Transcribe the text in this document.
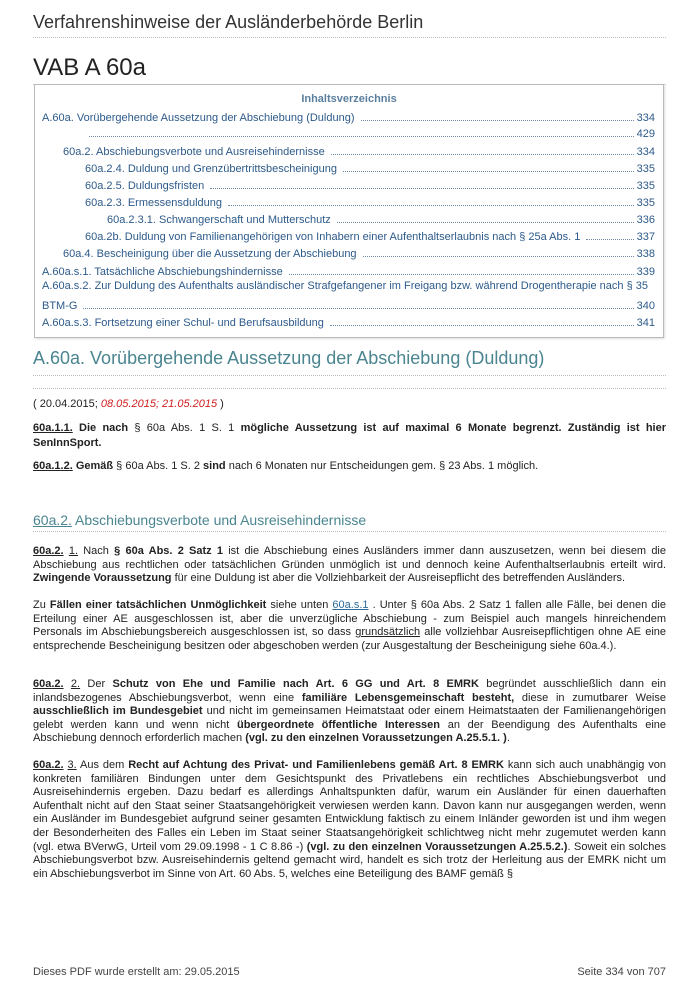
Verfahrenshinweise der Ausländerbehörde Berlin
VAB A 60a
Inhaltsverzeichnis
A.60a. Vorübergehende Aussetzung der Abschiebung (Duldung)	334
429
60a.2. Abschiebungsverbote und Ausreisehindernisse	334
60a.2.4. Duldung und Grenzübertrittsbescheinigung	335
60a.2.5. Duldungsfristen	335
60a.2.3. Ermessensduldung	335
60a.2.3.1. Schwangerschaft und Mutterschutz	336
60a.2b. Duldung von Familienangehörigen von Inhabern einer Aufenthaltserlaubnis nach § 25a Abs. 1	337
60a.4. Bescheinigung über die Aussetzung der Abschiebung	338
A.60a.s.1. Tatsächliche Abschiebungshindernisse	339
A.60a.s.2. Zur Duldung des Aufenthalts ausländischer Strafgefangener im Freigang bzw. während Drogentherapie nach § 35
BTM-G	340
A.60a.s.3. Fortsetzung einer Schul- und Berufsausbildung	341
A.60a. Vorübergehende Aussetzung der Abschiebung (Duldung)
( 20.04.2015; 08.05.2015; 21.05.2015 )
60a.1.1. Die nach § 60a Abs. 1 S. 1 mögliche Aussetzung ist auf maximal 6 Monate begrenzt. Zuständig ist hier SenInnSport.
60a.1.2. Gemäß § 60a Abs. 1 S. 2 sind nach 6 Monaten nur Entscheidungen gem. § 23 Abs. 1 möglich.
60a.2. Abschiebungsverbote und Ausreisehindernisse
60a.2. 1. Nach § 60a Abs. 2 Satz 1 ist die Abschiebung eines Ausländers immer dann auszusetzen, wenn bei diesem die Abschiebung aus rechtlichen oder tatsächlichen Gründen unmöglich ist und dennoch keine Aufenthaltserlaubnis erteilt wird. Zwingende Voraussetzung für eine Duldung ist aber die Vollziehbarkeit der Ausreisepflicht des betreffenden Ausländers.
Zu Fällen einer tatsächlichen Unmöglichkeit siehe unten 60a.s.1 . Unter § 60a Abs. 2 Satz 1 fallen alle Fälle, bei denen die Erteilung einer AE ausgeschlossen ist, aber die unverzügliche Abschiebung - zum Beispiel auch mangels hinreichendem Personals im Abschiebungsbereich ausgeschlossen ist, so dass grundsätzlich alle vollziehbar Ausreisepflichtigen ohne AE eine entsprechende Bescheinigung besitzen oder abgeschoben werden (zur Ausgestaltung der Bescheinigung siehe 60a.4.).
60a.2. 2. Der Schutz von Ehe und Familie nach Art. 6 GG und Art. 8 EMRK begründet ausschließlich dann ein inlandsbezogenes Abschiebungsverbot, wenn eine familiäre Lebensgemeinschaft besteht, diese in zumutbarer Weise ausschließlich im Bundesgebiet und nicht im gemeinsamen Heimatstaat oder einem Heimatstaaten der Familienangehörigen gelebt werden kann und wenn nicht übergeordnete öffentliche Interessen an der Beendigung des Aufenthalts eine Abschiebung dennoch erforderlich machen (vgl. zu den einzelnen Voraussetzungen A.25.5.1. ).
60a.2. 3. Aus dem Recht auf Achtung des Privat- und Familienlebens gemäß Art. 8 EMRK kann sich auch unabhängig von konkreten familiären Bindungen unter dem Gesichtspunkt des Privatlebens ein rechtliches Abschiebungsverbot und Ausreisehindernis ergeben. Dazu bedarf es allerdings Anhaltspunkten dafür, warum ein Ausländer für einen dauerhaften Aufenthalt nicht auf den Staat seiner Staatsangehörigkeit verwiesen werden kann. Davon kann nur ausgegangen werden, wenn ein Ausländer im Bundesgebiet aufgrund seiner gesamten Entwicklung faktisch zu einem Inländer geworden ist und ihm wegen der Besonderheiten des Falles ein Leben im Staat seiner Staatsangehörigkeit schlichtweg nicht mehr zugemutet werden kann (vgl. etwa BVerwG, Urteil vom 29.09.1998 - 1 C 8.86 -) (vgl. zu den einzelnen Voraussetzungen A.25.5.2.). Soweit ein solches Abschiebungsverbot bzw. Ausreisehindernis geltend gemacht wird, handelt es sich trotz der Herleitung aus der EMRK nicht um ein Abschiebungsverbot im Sinne von Art. 60 Abs. 5, welches eine Beteiligung des BAMF gemäß §
Dieses PDF wurde erstellt am: 29.05.2015	Seite 334 von 707
